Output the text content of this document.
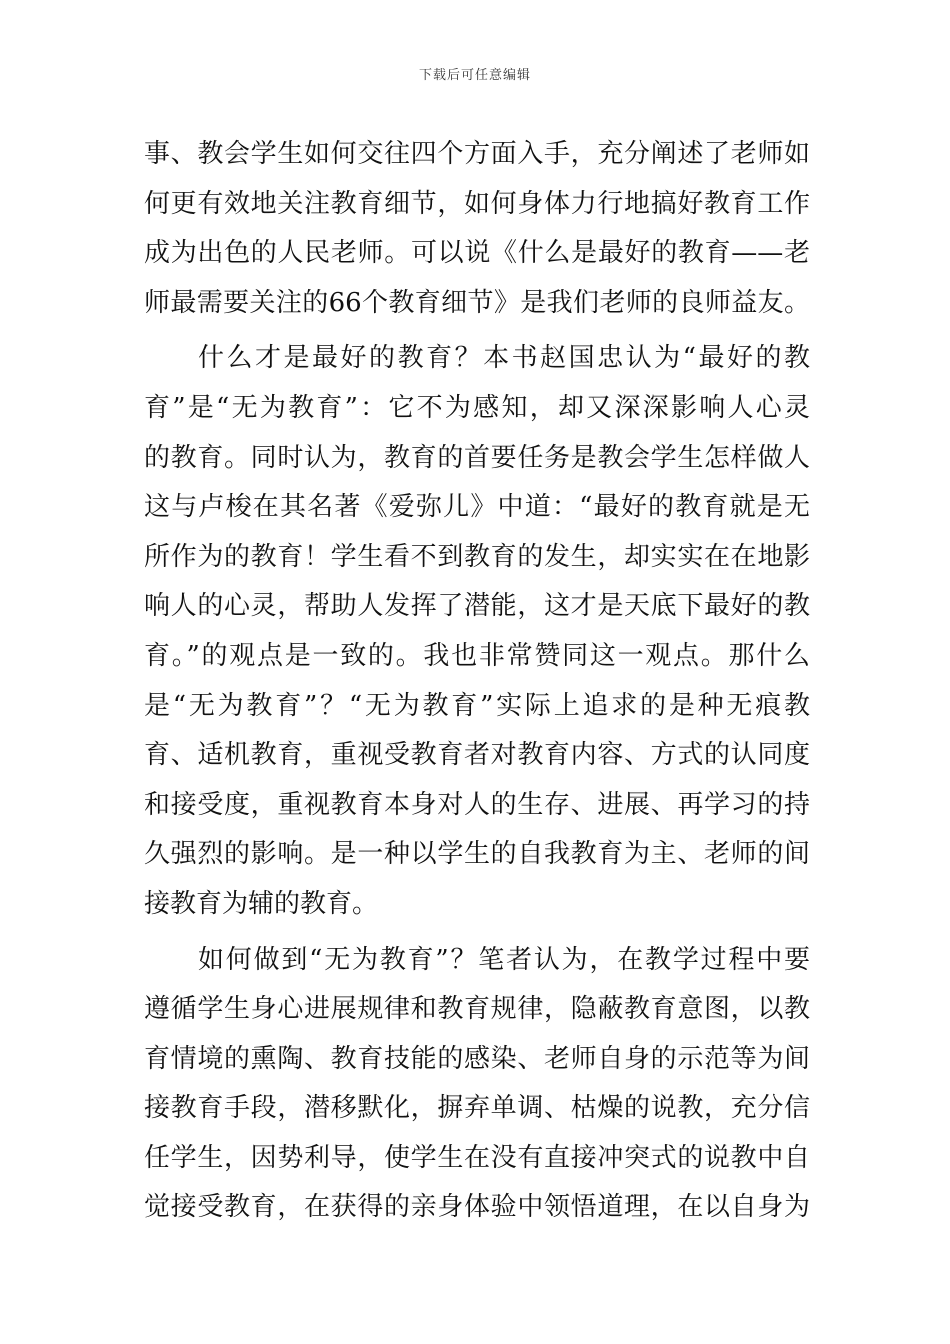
下载后可任意编辑
事、教会学生如何交往四个方面入手，充分阐述了老师如
何更有效地关注教育细节，如何身体力行地搞好教育工作
成为出色的人民老师。可以说《什么是最好的教育——老
师最需要关注的66个教育细节》是我们老师的良师益友。
什么才是最好的教育？本书赵国忠认为“最好的教
育”是“无为教育”：它不为感知，却又深深影响人心灵
的教育。同时认为，教育的首要任务是教会学生怎样做人
这与卢梭在其名著《爱弥儿》中道：“最好的教育就是无
所作为的教育！学生看不到教育的发生，却实实在在地影
响人的心灵，帮助人发挥了潜能，这才是天底下最好的教
育。”的观点是一致的。我也非常赞同这一观点。那什么
是“无为教育”？“无为教育”实际上追求的是种无痕教
育、适机教育，重视受教育者对教育内容、方式的认同度
和接受度，重视教育本身对人的生存、进展、再学习的持
久强烈的影响。是一种以学生的自我教育为主、老师的间
接教育为辅的教育。
如何做到“无为教育”？笔者认为，在教学过程中要
遵循学生身心进展规律和教育规律，隐蔽教育意图，以教
育情境的熏陶、教育技能的感染、老师自身的示范等为间
接教育手段，潜移默化，摒弃单调、枯燥的说教，充分信
任学生，因势利导，使学生在没有直接冲突式的说教中自
觉接受教育，在获得的亲身体验中领悟道理，在以自身为
